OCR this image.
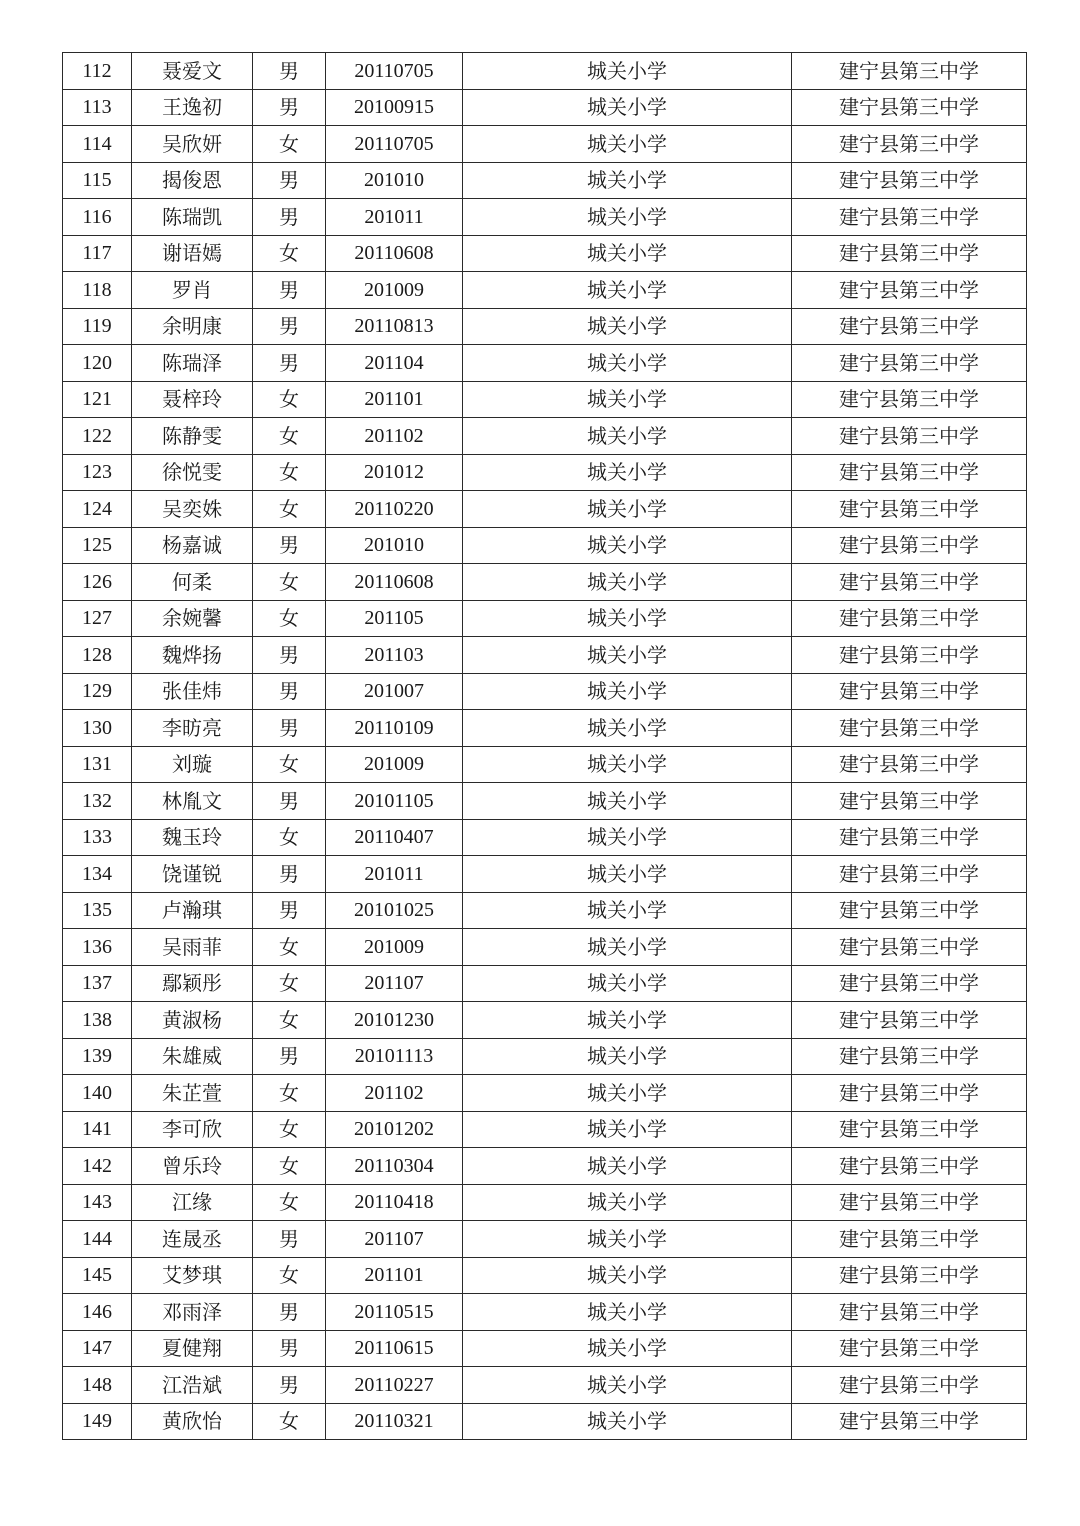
112	聂爱文	男	20110705	城关小学	建宁县第三中学
113	王逸初	男	20100915	城关小学	建宁县第三中学
114	吴欣妍	女	20110705	城关小学	建宁县第三中学
115	揭俊恩	男	201010	城关小学	建宁县第三中学
116	陈瑞凯	男	201011	城关小学	建宁县第三中学
117	谢语嫣	女	20110608	城关小学	建宁县第三中学
118	罗肖	男	201009	城关小学	建宁县第三中学
119	余明康	男	20110813	城关小学	建宁县第三中学
120	陈瑞泽	男	201104	城关小学	建宁县第三中学
121	聂梓玲	女	201101	城关小学	建宁县第三中学
122	陈静雯	女	201102	城关小学	建宁县第三中学
123	徐悦雯	女	201012	城关小学	建宁县第三中学
124	吴奕姝	女	20110220	城关小学	建宁县第三中学
125	杨嘉诚	男	201010	城关小学	建宁县第三中学
126	何柔	女	20110608	城关小学	建宁县第三中学
127	余婉馨	女	201105	城关小学	建宁县第三中学
128	魏烨扬	男	201103	城关小学	建宁县第三中学
129	张佳炜	男	201007	城关小学	建宁县第三中学
130	李昉亮	男	20110109	城关小学	建宁县第三中学
131	刘璇	女	201009	城关小学	建宁县第三中学
132	林胤文	男	20101105	城关小学	建宁县第三中学
133	魏玉玲	女	20110407	城关小学	建宁县第三中学
134	饶谨锐	男	201011	城关小学	建宁县第三中学
135	卢瀚琪	男	20101025	城关小学	建宁县第三中学
136	吴雨菲	女	201009	城关小学	建宁县第三中学
137	鄢颖彤	女	201107	城关小学	建宁县第三中学
138	黄淑杨	女	20101230	城关小学	建宁县第三中学
139	朱雄威	男	20101113	城关小学	建宁县第三中学
140	朱芷萱	女	201102	城关小学	建宁县第三中学
141	李可欣	女	20101202	城关小学	建宁县第三中学
142	曾乐玲	女	20110304	城关小学	建宁县第三中学
143	江缘	女	20110418	城关小学	建宁县第三中学
144	连晟丞	男	201107	城关小学	建宁县第三中学
145	艾梦琪	女	201101	城关小学	建宁县第三中学
146	邓雨泽	男	20110515	城关小学	建宁县第三中学
147	夏健翔	男	20110615	城关小学	建宁县第三中学
148	江浩斌	男	20110227	城关小学	建宁县第三中学
149	黄欣怡	女	20110321	城关小学	建宁县第三中学
